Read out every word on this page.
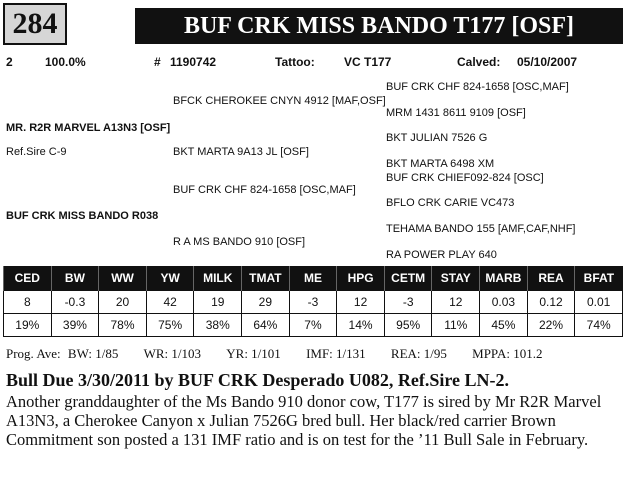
284	BUF CRK MISS BANDO T177 [OSF]
2	100.0%	# 1190742	Tattoo: VC T177	Calved: 05/10/2007
BUF CRK CHF 824-1658 [OSC,MAF]
BFCK CHEROKEE CNYN 4912 [MAF,OSF]
MRM 1431 8611 9109 [OSF]
MR. R2R MARVEL A13N3 [OSF]
BKT JULIAN 7526 G
Ref.Sire C-9	BKT MARTA 9A13 JL [OSF]
BKT MARTA 6498 XM
BUF CRK CHIEF092-824 [OSC]
BUF CRK CHF 824-1658 [OSC,MAF]
BFLO CRK CARIE VC473
BUF CRK MISS BANDO R038
TEHAMA BANDO 155 [AMF,CAF,NHF]
R A MS BANDO 910 [OSF]
RA POWER PLAY 640
CED	BW	WW	YW	MILK	TMAT	ME	HPG	CETM	STAY	MARB	REA	BFAT
8	-0.3	20	42	19	29	-3	12	-3	12	0.03	0.12	0.01
19%	39%	78%	75%	38%	64%	7%	14%	95%	11%	45%	22%	74%
Prog. Ave: BW: 1/85 WR: 1/103 YR: 1/101 IMF: 1/131 REA: 1/95 MPPA: 101.2
Bull Due 3/30/2011 by BUF CRK Desperado U082, Ref.Sire LN-2.
Another granddaughter of the Ms Bando 910 donor cow, T177 is sired by Mr R2R Marvel A13N3, a Cherokee Canyon x Julian 7526G bred bull. Her black/red carrier Brown Commitment son posted a 131 IMF ratio and is on test for the ’11 Bull Sale in February.
